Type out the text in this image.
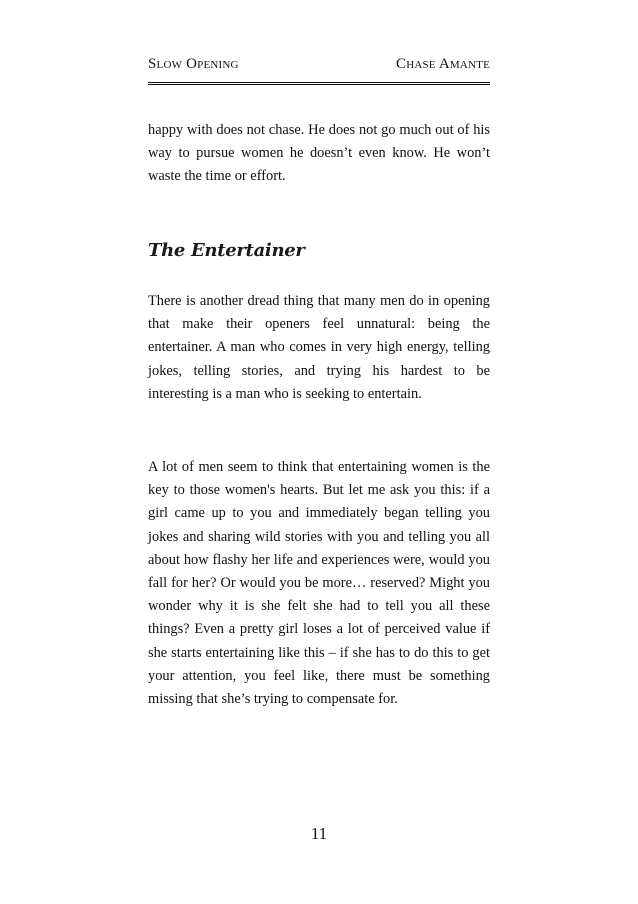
Slow Opening	Chase Amante

happy with does not chase. He does not go much out of his way to pursue women he doesn’t even know. He won’t waste the time or effort.

The Entertainer

There is another dread thing that many men do in opening that make their openers feel unnatural: being the entertainer. A man who comes in very high energy, telling jokes, telling stories, and trying his hardest to be interesting is a man who is seeking to entertain.

A lot of men seem to think that entertaining women is the key to those women's hearts. But let me ask you this: if a girl came up to you and immediately began telling you jokes and sharing wild stories with you and telling you all about how flashy her life and experiences were, would you fall for her? Or would you be more… reserved? Might you wonder why it is she felt she had to tell you all these things? Even a pretty girl loses a lot of perceived value if she starts entertaining like this – if she has to do this to get your attention, you feel like, there must be something missing that she’s trying to compensate for.

11
